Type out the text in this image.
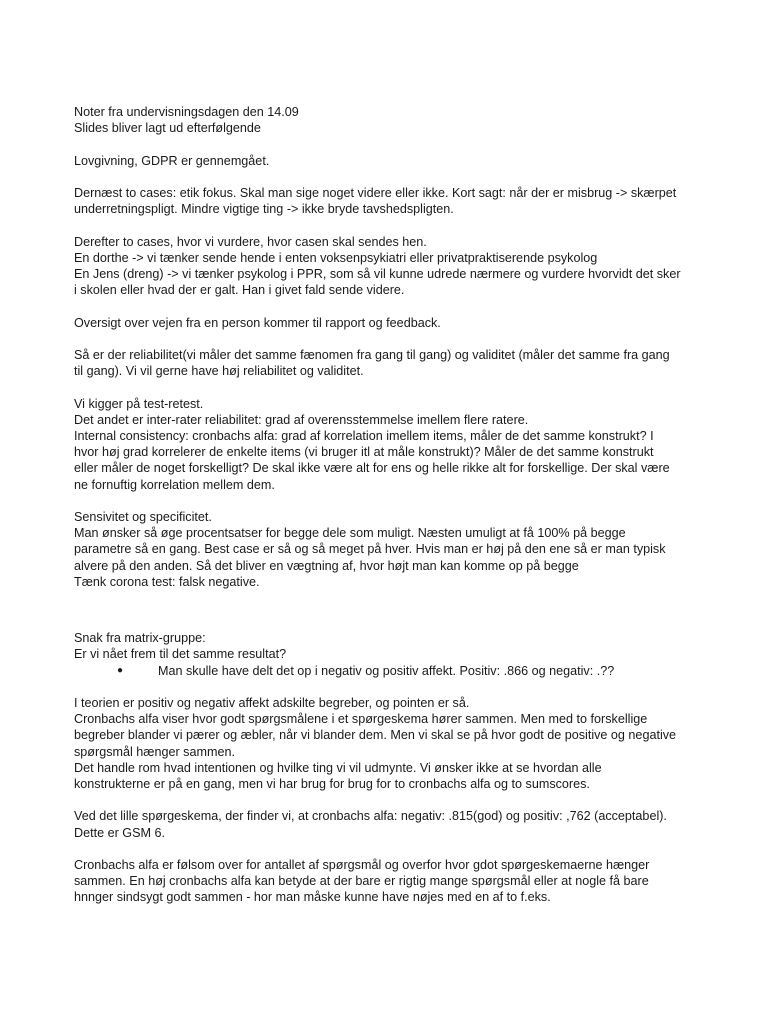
Noter fra undervisningsdagen den 14.09
Slides bliver lagt ud efterfølgende
Lovgivning, GDPR er gennemgået.
Dernæst to cases: etik fokus. Skal man sige noget videre eller ikke. Kort sagt: når der er misbrug -> skærpet
underretningspligt. Mindre vigtige ting -> ikke bryde tavshedspligten.
Derefter to cases, hvor vi vurdere, hvor casen skal sendes hen.
En dorthe -> vi tænker sende hende i enten voksenpsykiatri eller privatpraktiserende psykolog
En Jens (dreng) -> vi tænker psykolog i PPR, som så vil kunne udrede nærmere og vurdere hvorvidt det sker
i skolen eller hvad der er galt. Han i givet fald sende videre.
Oversigt over vejen fra en person kommer til rapport og feedback.
Så er der reliabilitet(vi måler det samme fænomen fra gang til gang) og validitet (måler det samme fra gang
til gang). Vi vil gerne have høj reliabilitet og validitet.
Vi kigger på test-retest.
Det andet er inter-rater reliabilitet: grad af overensstemmelse imellem flere ratere.
Internal consistency: cronbachs alfa: grad af korrelation imellem items, måler de det samme konstrukt? I
hvor høj grad korrelerer de enkelte items (vi bruger itl at måle konstrukt)? Måler de det samme konstrukt
eller måler de noget forskelligt? De skal ikke være alt for ens og helle rikke alt for forskellige. Der skal være
ne fornuftig korrelation mellem dem.
Sensivitet og specificitet.
Man ønsker så øge procentsatser for begge dele som muligt. Næsten umuligt at få 100% på begge
parametre så en gang. Best case er så og så meget på hver. Hvis man er høj på den ene så er man typisk
alvere på den anden. Så det bliver en vægtning af, hvor højt man kan komme op på begge
Tænk corona test: falsk negative.
Snak fra matrix-gruppe:
Er vi nået frem til det samme resultat?
●	Man skulle have delt det op i negativ og positiv affekt. Positiv: .866 og negativ: .??
I teorien er positiv og negativ affekt adskilte begreber, og pointen er så.
Cronbachs alfa viser hvor godt spørgsmålene i et spørgeskema hører sammen. Men med to forskellige
begreber blander vi pærer og æbler, når vi blander dem. Men vi skal se på hvor godt de positive og negative
spørgsmål hænger sammen.
Det handle rom hvad intentionen og hvilke ting vi vil udmynte. Vi ønsker ikke at se hvordan alle
konstrukterne er på en gang, men vi har brug for brug for to cronbachs alfa og to sumscores.
Ved det lille spørgeskema, der finder vi, at cronbachs alfa: negativ: .815(god) og positiv: ,762 (acceptabel).
Dette er GSM 6.
Cronbachs alfa er følsom over for antallet af spørgsmål og overfor hvor gdot spørgeskemaerne hænger
sammen. En høj cronbachs alfa kan betyde at der bare er rigtig mange spørgsmål eller at nogle få bare
hnnger sindsygt godt sammen - hor man måske kunne have nøjes med en af to f.eks.
